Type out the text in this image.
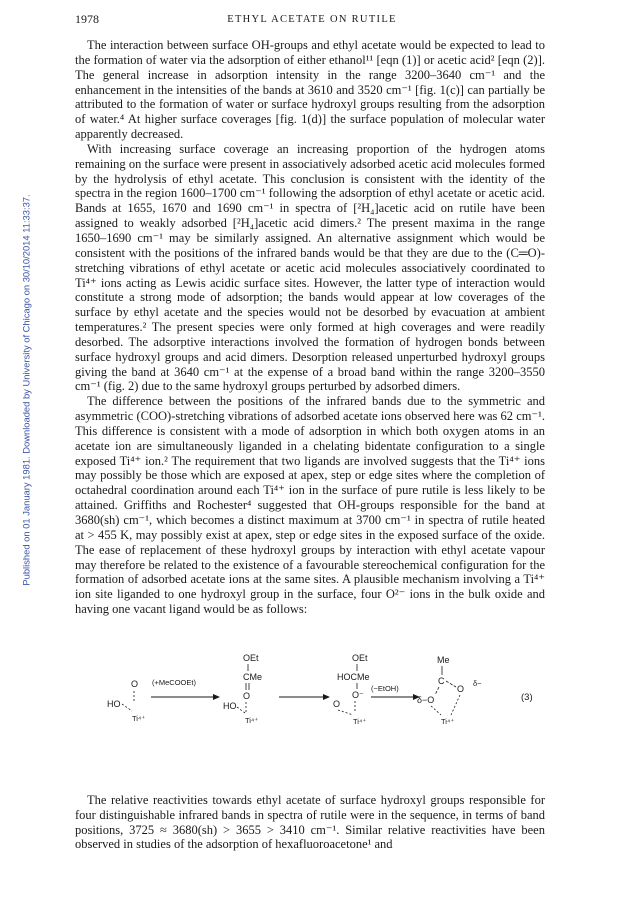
1978	ETHYL ACETATE ON RUTILE
Published on 01 January 1981. Downloaded by University of Chicago on 30/10/2014 11:33:37.

The interaction between surface OH-groups and ethyl acetate would be expected to lead to the formation of water via the adsorption of either ethanol¹¹ [eqn (1)] or acetic acid² [eqn (2)]. The general increase in adsorption intensity in the range 3200–3640 cm⁻¹ and the enhancement in the intensities of the bands at 3610 and 3520 cm⁻¹ [fig. 1(c)] can partially be attributed to the formation of water or surface hydroxyl groups resulting from the adsorption of water.⁴ At higher surface coverages [fig. 1(d)] the surface population of molecular water apparently decreased.

With increasing surface coverage an increasing proportion of the hydrogen atoms remaining on the surface were present in associatively adsorbed acetic acid molecules formed by the hydrolysis of ethyl acetate. This conclusion is consistent with the identity of the spectra in the region 1600–1700 cm⁻¹ following the adsorption of ethyl acetate or acetic acid. Bands at 1655, 1670 and 1690 cm⁻¹ in spectra of [²H₄]acetic acid on rutile have been assigned to weakly adsorbed [²H₄]acetic acid dimers.² The present maxima in the range 1650–1690 cm⁻¹ may be similarly assigned. An alternative assignment which would be consistent with the positions of the infrared bands would be that they are due to the (C═O)-stretching vibrations of ethyl acetate or acetic acid molecules associatively coordinated to Ti⁴⁺ ions acting as Lewis acidic surface sites. However, the latter type of interaction would constitute a strong mode of adsorption; the bands would appear at low coverages of the surface by ethyl acetate and the species would not be desorbed by evacuation at ambient temperatures.² The present species were only formed at high coverages and were readily desorbed. The adsorptive interactions involved the formation of hydrogen bonds between surface hydroxyl groups and acid dimers. Desorption released unperturbed hydroxyl groups giving the band at 3640 cm⁻¹ at the expense of a broad band within the range 3200–3550 cm⁻¹ (fig. 2) due to the same hydroxyl groups perturbed by adsorbed dimers.

The difference between the positions of the infrared bands due to the symmetric and asymmetric (COO)-stretching vibrations of adsorbed acetate ions observed here was 62 cm⁻¹. This difference is consistent with a mode of adsorption in which both oxygen atoms in an acetate ion are simultaneously liganded in a chelating bidentate configuration to a single exposed Ti⁴⁺ ion.² The requirement that two ligands are involved suggests that the Ti⁴⁺ ions may possibly be those which are exposed at apex, step or edge sites where the completion of octahedral coordination around each Ti⁴⁺ ion in the surface of pure rutile is less likely to be attained. Griffiths and Rochester⁴ suggested that OH-groups responsible for the band at 3680(sh) cm⁻¹, which becomes a distinct maximum at 3700 cm⁻¹ in spectra of rutile heated at > 455 K, may possibly exist at apex, step or edge sites in the exposed surface of the oxide. The ease of replacement of these hydroxyl groups by interaction with ethyl acetate vapour may therefore be related to the existence of a favourable stereochemical configuration for the formation of adsorbed acetate ions at the same sites. A plausible mechanism involving a Ti⁴⁺ ion site liganded to one hydroxyl group in the surface, four O²⁻ ions in the bulk oxide and having one vacant ligand would be as follows:

O
HO
Ti⁴⁺
(+MeCOOEt)
OEt
CMe
O
HO
Ti⁴⁺
OEt
HOCMe
O⁻
(−EtOH)
O
Ti⁴⁺
Me
C
O
δ−
δ−O
Ti⁴⁺
(3)

The relative reactivities towards ethyl acetate of surface hydroxyl groups responsible for four distinguishable infrared bands in spectra of rutile were in the sequence, in terms of band positions, 3725 ≈ 3680(sh) > 3655 > 3410 cm⁻¹. Similar relative reactivities have been observed in studies of the adsorption of hexafluoroacetone¹ and
